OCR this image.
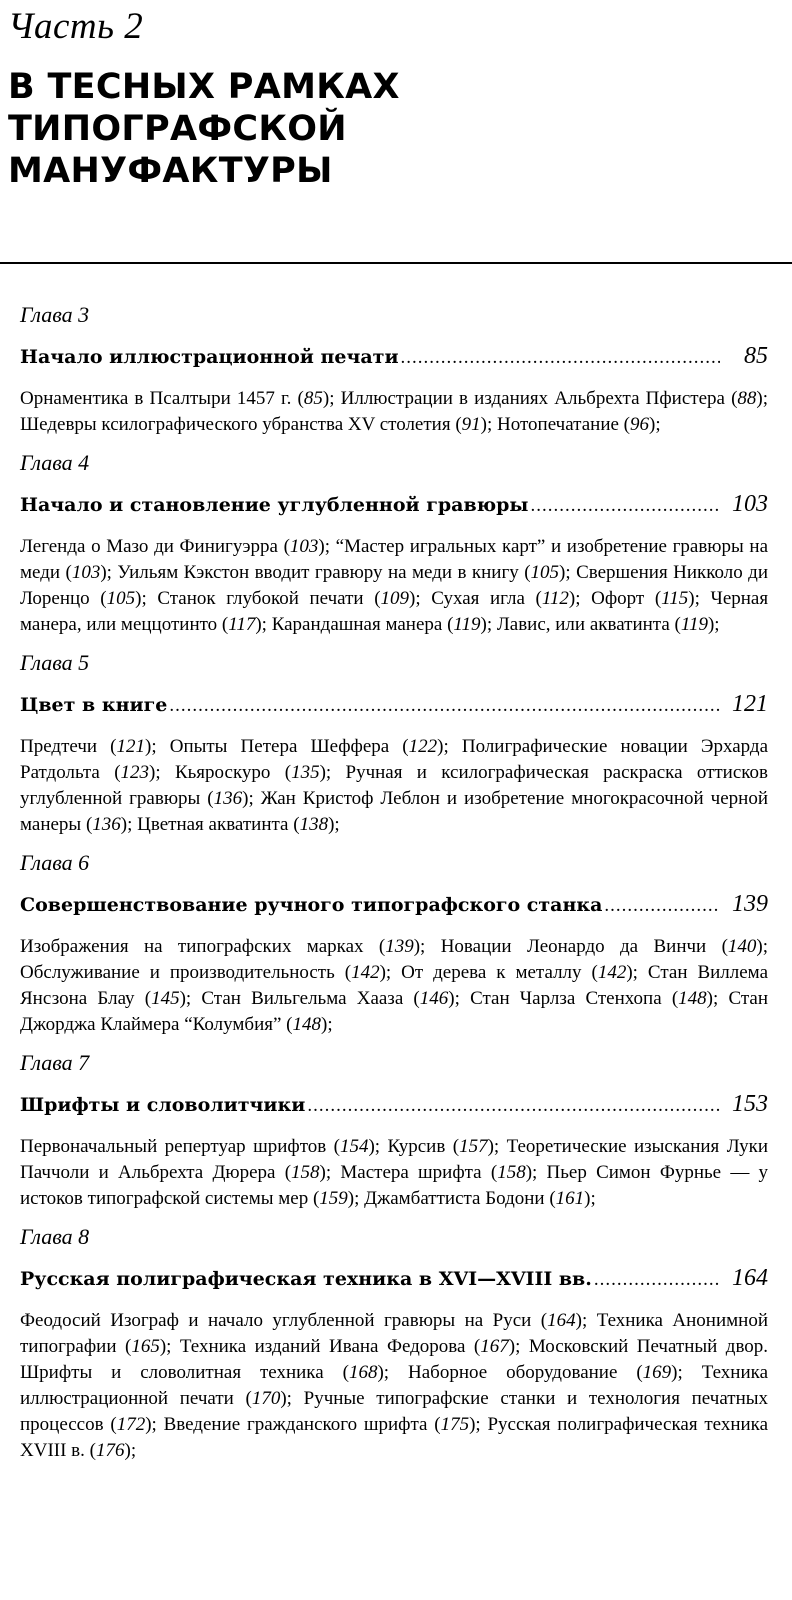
Часть 2
В ТЕСНЫХ РАМКАХ
ТИПОГРАФСКОЙ
МАНУФАКТУРЫ
Глава 3
Начало иллюстрационной печати .....	85
Орнаментика в Псалтыри 1457 г. (85); Иллюстрации в изданиях Альбрехта Пфистера (88); Шедевры ксилографического убранства XV столетия (91); Нотопечатание (96);
Глава 4
Начало и становление углубленной гравюры .....	103
Легенда о Мазо ди Финигуэрра (103); “Мастер игральных карт” и изобретение гравюры на меди (103); Уильям Кэкстон вводит гравюру на меди в книгу (105); Свершения Никколо ди Лоренцо (105); Станок глубокой печати (109); Сухая игла (112); Офорт (115); Черная манера, или меццотинто (117); Карандашная манера (119); Лавис, или акватинта (119);
Глава 5
Цвет в книге .....	121
Предтечи (121); Опыты Петера Шеффера (122); Полиграфические новации Эрхарда Ратдольта (123); Кьяроскуро (135); Ручная и ксилографическая раскраска оттисков углубленной гравюры (136); Жан Кристоф Леблон и изобретение многокрасочной черной манеры (136); Цветная акватинта (138);
Глава 6
Совершенствование ручного типографского станка .....	139
Изображения на типографских марках (139); Новации Леонардо да Винчи (140); Обслуживание и производительность (142); От дерева к металлу (142); Стан Виллема Янсзона Блау (145); Стан Вильгельма Хааза (146); Стан Чарлза Стенхопа (148); Стан Джорджа Клаймера “Колумбия” (148);
Глава 7
Шрифты и словолитчики .....	153
Первоначальный репертуар шрифтов (154); Курсив (157); Теоретические изыскания Луки Паччоли и Альбрехта Дюрера (158); Мастера шрифта (158); Пьер Симон Фурнье — у истоков типографской системы мер (159); Джамбаттиста Бодони (161);
Глава 8
Русская полиграфическая техника в XVI—XVIII вв. .....	164
Феодосий Изограф и начало углубленной гравюры на Руси (164); Техника Анонимной типографии (165); Техника изданий Ивана Федорова (167); Московский Печатный двор. Шрифты и словолитная техника (168); Наборное оборудование (169); Техника иллюстрационной печати (170); Ручные типографские станки и технология печатных процессов (172); Введение гражданского шрифта (175); Русская полиграфическая техника XVIII в. (176);
